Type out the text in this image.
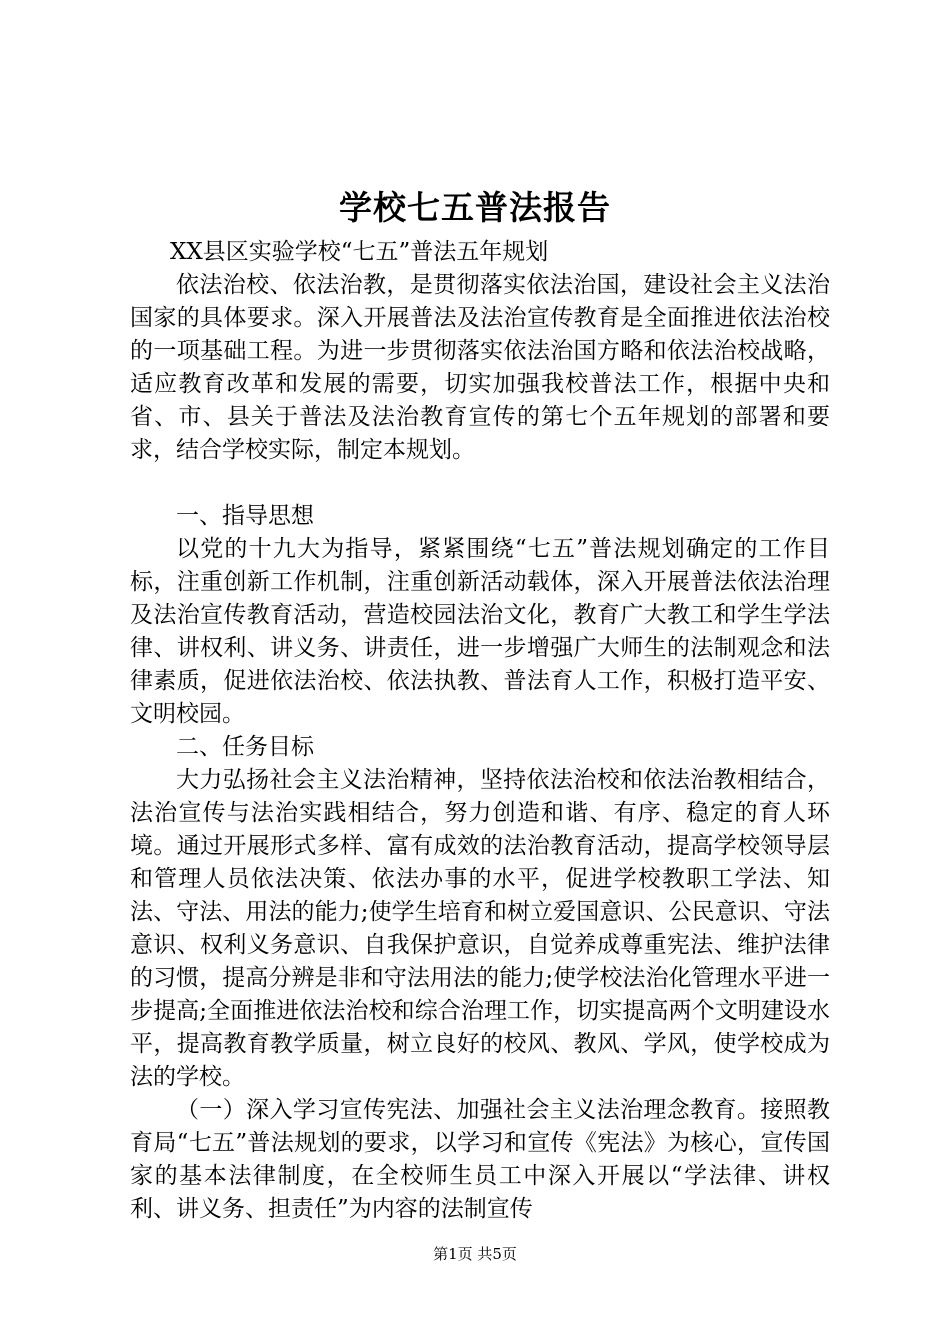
学校七五普法报告

XX县区实验学校“七五”普法五年规划

依法治校、依法治教，是贯彻落实依法治国，建设社会主义法治国家的具体要求。深入开展普法及法治宣传教育是全面推进依法治校的一项基础工程。为进一步贯彻落实依法治国方略和依法治校战略，适应教育改革和发展的需要，切实加强我校普法工作，根据中央和省、市、县关于普法及法治教育宣传的第七个五年规划的部署和要求，结合学校实际，制定本规划。

一、指导思想

以党的十九大为指导，紧紧围绕“七五”普法规划确定的工作目标，注重创新工作机制，注重创新活动载体，深入开展普法依法治理及法治宣传教育活动，营造校园法治文化，教育广大教工和学生学法律、讲权利、讲义务、讲责任，进一步增强广大师生的法制观念和法律素质，促进依法治校、依法执教、普法育人工作，积极打造平安、文明校园。

二、任务目标

大力弘扬社会主义法治精神，坚持依法治校和依法治教相结合，法治宣传与法治实践相结合，努力创造和谐、有序、稳定的育人环境。通过开展形式多样、富有成效的法治教育活动，提高学校领导层和管理人员依法决策、依法办事的水平，促进学校教职工学法、知法、守法、用法的能力;使学生培育和树立爱国意识、公民意识、守法意识、权利义务意识、自我保护意识，自觉养成尊重宪法、维护法律的习惯，提高分辨是非和守法用法的能力;使学校法治化管理水平进一步提高;全面推进依法治校和综合治理工作，切实提高两个文明建设水平，提高教育教学质量，树立良好的校风、教风、学风，使学校成为法的学校。

（一）深入学习宣传宪法、加强社会主义法治理念教育。接照教育局“七五”普法规划的要求，以学习和宣传《宪法》为核心，宣传国家的基本法律制度，在全校师生员工中深入开展以“学法律、讲权利、讲义务、担责任”为内容的法制宣传

第1页 共5页
